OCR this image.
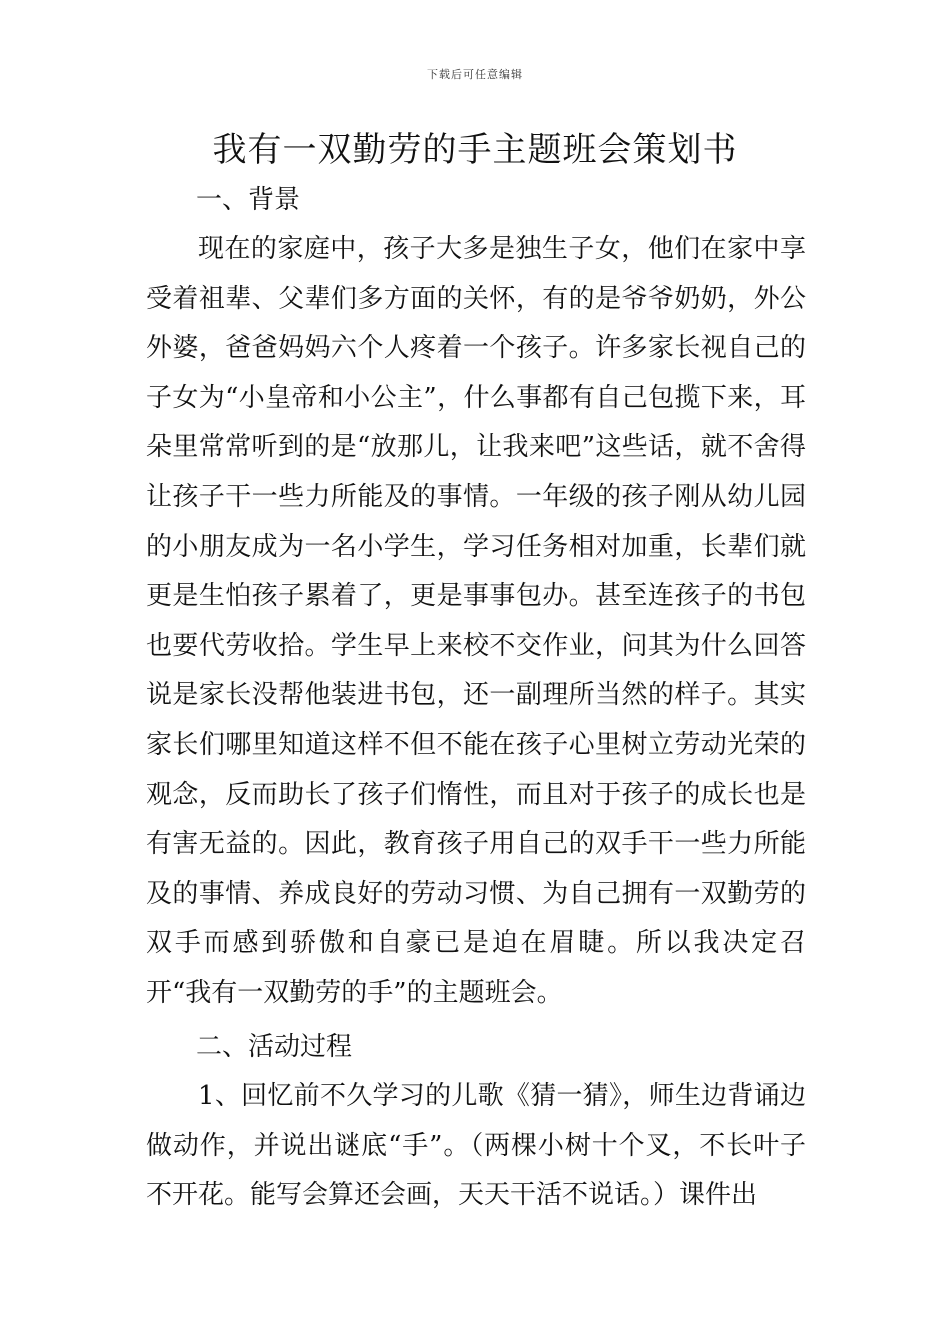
下载后可任意编辑
我有一双勤劳的手主题班会策划书
一、背景

现在的家庭中，孩子大多是独生子女，他们在家中享受着祖辈、父辈们多方面的关怀，有的是爷爷奶奶，外公外婆，爸爸妈妈六个人疼着一个孩子。许多家长视自己的子女为“小皇帝和小公主”，什么事都有自己包揽下来，耳朵里常常听到的是“放那儿，让我来吧”这些话，就不舍得让孩子干一些力所能及的事情。一年级的孩子刚从幼儿园的小朋友成为一名小学生，学习任务相对加重，长辈们就更是生怕孩子累着了，更是事事包办。甚至连孩子的书包也要代劳收拾。学生早上来校不交作业，问其为什么回答说是家长没帮他装进书包，还一副理所当然的样子。其实家长们哪里知道这样不但不能在孩子心里树立劳动光荣的观念，反而助长了孩子们惰性，而且对于孩子的成长也是有害无益的。因此，教育孩子用自己的双手干一些力所能及的事情、养成良好的劳动习惯、为自己拥有一双勤劳的双手而感到骄傲和自豪已是迫在眉睫。所以我决定召开“我有一双勤劳的手”的主题班会。

二、活动过程

1、回忆前不久学习的儿歌《猜一猜》，师生边背诵边做动作，并说出谜底“手”。（两棵小树十个叉，不长叶子不开花。能写会算还会画，天天干活不说话。）课件出
